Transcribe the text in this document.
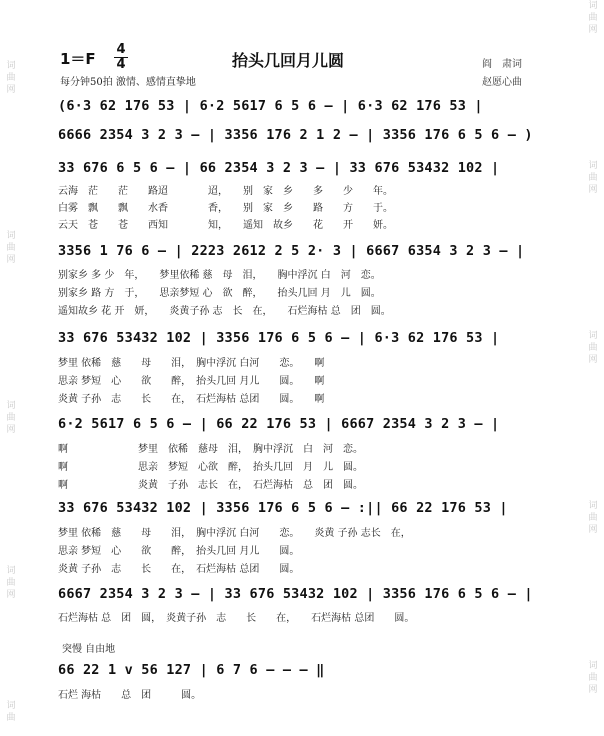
词
曲
网
词
曲
网
词
曲
网
词
曲
网
词
曲
词
曲
网
词
曲
网
词
曲
网
词
曲
网
词
曲
网
1＝F
4
4	抬头几回月儿圆	阎　肃词
赵愿心曲
每分钟50拍 激情、感情直挚地
(6·3 62 176 53 | 6·2 5617 6 5 6 — | 6·3 62 176 53 |
6666 2354 3 2 3 — | 3356 176 2 1 2 — | 3356 176 6 5 6 — )
33 676 6 5 6 — | 66 2354 3 2 3 — | 33 676 53432 102 |
云海　茫　　茫　　路迢　　　　迢，　　别　家　乡　　多　　少　　年。
白雾　飘　　飘　　水香　　　　香，　　别　家　乡　　路　　方　　于。
云天　苍　　苍　　西知　　　　知，　　遥知　故乡　　花　　开　　妍。
3356 1 76 6 — | 2223 2612 2 5 2· 3 | 6667 6354 3 2 3 — |
别家乡 多 少　年，　　梦里依稀 慈　母　泪，　　胸中浮沉 白　河　恋。
别家乡 路 方　于，　　思亲梦短 心　欲　醉，　　抬头几回 月　儿　圆。
遥知故乡 花 开　妍，　　炎黄子孙 志　长　在，　　石烂海枯 总　团　圆。
33 676 53432 102 | 3356 176 6 5 6 — | 6·3 62 176 53 |
梦里 依稀　慈　　母　　泪，　胸中浮沉 白河　　恋。　　啊
思亲 梦短　心　　欲　　醉，　抬头几回 月儿　　圆。　　啊
炎黄 子孙　志　　长　　在，　石烂海枯 总团　　圆。　　啊
6·2 5617 6 5 6 — | 66 22 176 53 | 6667 2354 3 2 3 — |
啊　　　　　　　梦里　依稀　慈母　泪，　胸中浮沉　白　河　恋。
啊　　　　　　　思亲　梦短　心欲　醉，　抬头几回　月　儿　圆。
啊　　　　　　　炎黄　子孙　志长　在，　石烂海枯　总　团　圆。
33 676 53432 102 | 3356 176 6 5 6 — :|| 66 22 176 53 |
梦里 依稀　慈　　母　　泪，　胸中浮沉 白河　　恋。　　炎黄 子孙 志长　在，
思亲 梦短　心　　欲　　醉，　抬头几回 月儿　　圆。
炎黄 子孙　志　　长　　在，　石烂海枯 总团　　圆。
6667 2354 3 2 3 — | 33 676 53432 102 | 3356 176 6 5 6 — |
石烂海枯 总　团　圆，　炎黄子孙　志　　长　　在，　　石烂海枯 总团　　圆。
突慢 自由地
66 22 1 v 56 127 | 6 7 6 — — — ‖
石烂 海枯　　总　团　　　圆。
